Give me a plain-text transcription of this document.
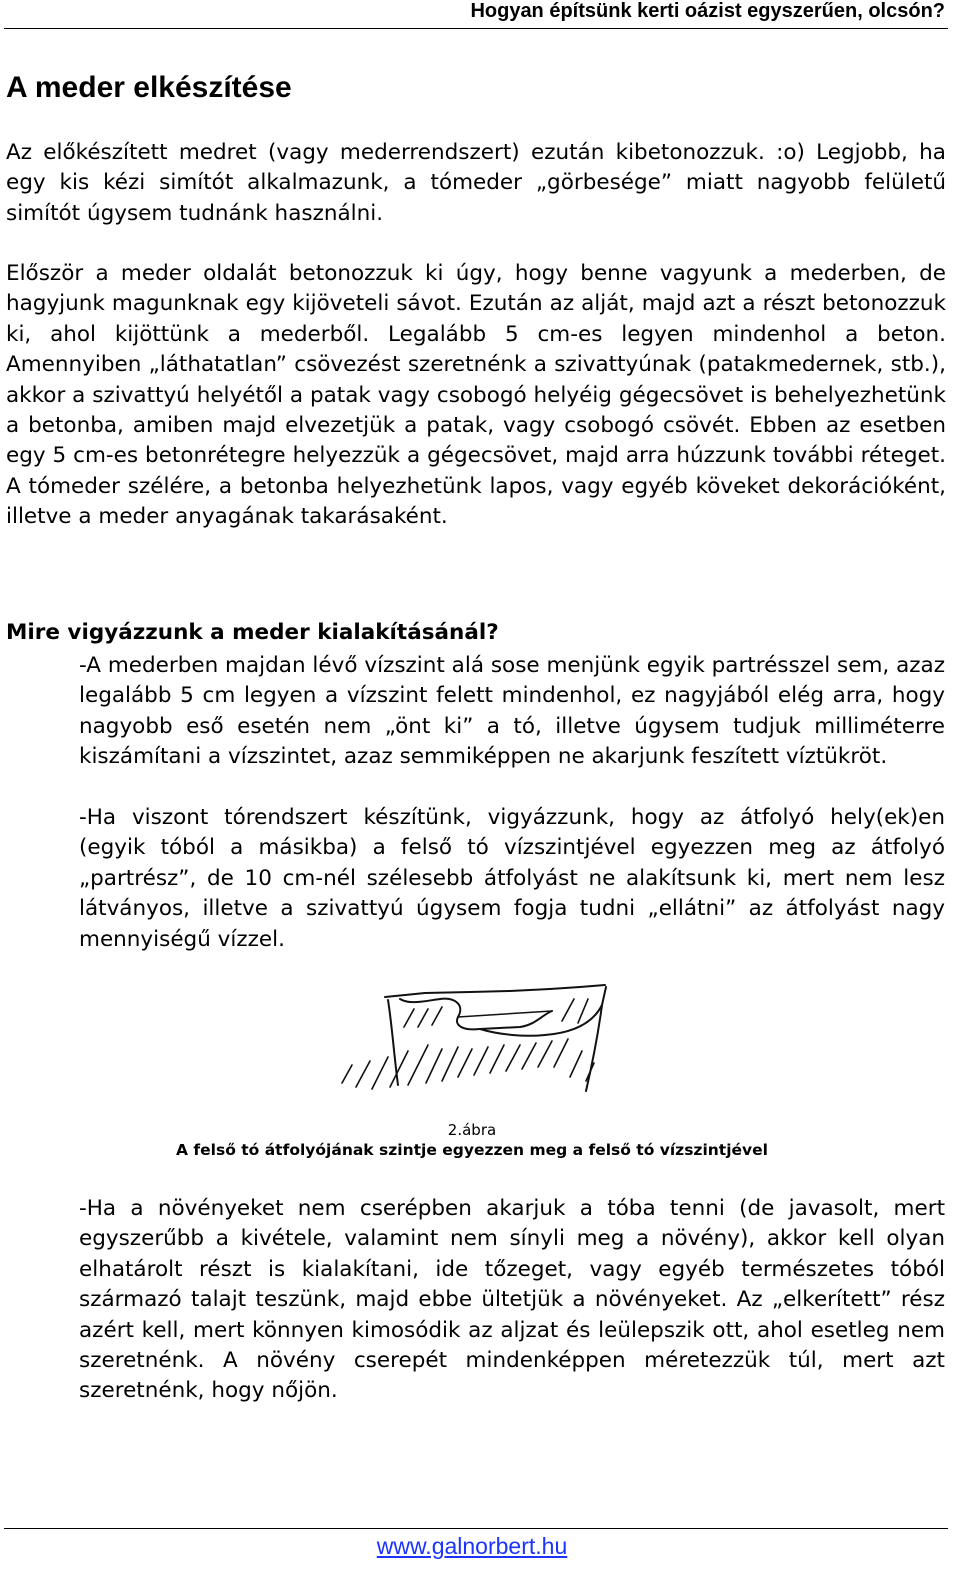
Hogyan építsünk kerti oázist egyszerűen, olcsón?
A meder elkészítése

Az előkészített medret (vagy mederrendszert) ezután kibetonozzuk. :o) Legjobb, ha egy kis kézi simítót alkalmazunk, a tómeder „görbesége” miatt nagyobb felületű simítót úgysem tudnánk használni.

Először a meder oldalát betonozzuk ki úgy, hogy benne vagyunk a mederben, de hagyjunk magunknak egy kijöveteli sávot. Ezután az alját, majd azt a részt betonozzuk ki, ahol kijöttünk a mederből. Legalább 5 cm-es legyen mindenhol a beton. Amennyiben „láthatatlan” csövezést szeretnénk a szivattyúnak (patakmedernek, stb.), akkor a szivattyú helyétől a patak vagy csobogó helyéig gégecsövet is behelyezhetünk a betonba, amiben majd elvezetjük a patak, vagy csobogó csövét. Ebben az esetben egy 5 cm-es betonrétegre helyezzük a gégecsövet, majd arra húzzunk további réteget. A tómeder szélére, a betonba helyezhetünk lapos, vagy egyéb köveket dekorációként, illetve a meder anyagának takarásaként.

Mire vigyázzunk a meder kialakításánál?

-A mederben majdan lévő vízszint alá sose menjünk egyik partrésszel sem, azaz legalább 5 cm legyen a vízszint felett mindenhol, ez nagyjából elég arra, hogy nagyobb eső esetén nem „önt ki” a tó, illetve úgysem tudjuk milliméterre kiszámítani a vízszintet, azaz semmiképpen ne akarjunk feszített víztükröt.

-Ha viszont tórendszert készítünk, vigyázzunk, hogy az átfolyó hely(ek)en (egyik tóból a másikba) a felső tó vízszintjével egyezzen meg az átfolyó „partrész”, de 10 cm-nél szélesebb átfolyást ne alakítsunk ki, mert nem lesz látványos, illetve a szivattyú úgysem fogja tudni „ellátni” az átfolyást nagy mennyiségű vízzel.

2.ábra
A felső tó átfolyójának szintje egyezzen meg a felső tó vízszintjével

-Ha a növényeket nem cserépben akarjuk a tóba tenni (de javasolt, mert egyszerűbb a kivétele, valamint nem sínyli meg a növény), akkor kell olyan elhatárolt részt is kialakítani, ide tőzeget, vagy egyéb természetes tóból származó talajt teszünk, majd ebbe ültetjük a növényeket. Az „elkerített” rész azért kell, mert könnyen kimosódik az aljzat és leülepszik ott, ahol esetleg nem szeretnénk. A növény cserepét mindenképpen méretezzük túl, mert azt szeretnénk, hogy nőjön.

www.galnorbert.hu
